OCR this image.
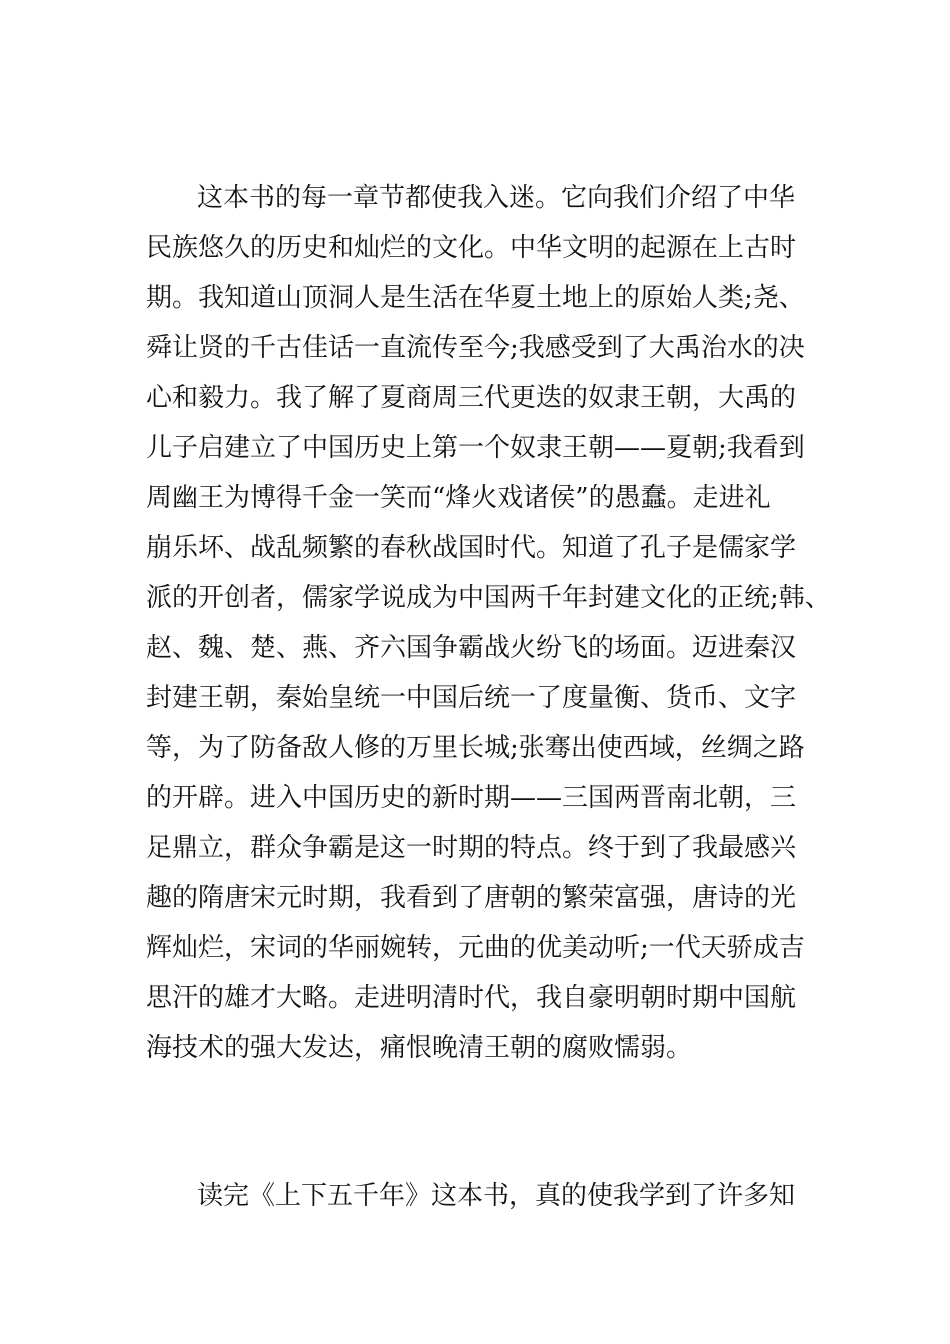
这本书的每一章节都使我入迷。它向我们介绍了中华
民族悠久的历史和灿烂的文化。中华文明的起源在上古时
期。我知道山顶洞人是生活在华夏土地上的原始人类;尧、
舜让贤的千古佳话一直流传至今;我感受到了大禹治水的决
心和毅力。我了解了夏商周三代更迭的奴隶王朝，大禹的
儿子启建立了中国历史上第一个奴隶王朝——夏朝;我看到
周幽王为博得千金一笑而“烽火戏诸侯”的愚蠢。走进礼
崩乐坏、战乱频繁的春秋战国时代。知道了孔子是儒家学
派的开创者，儒家学说成为中国两千年封建文化的正统;韩、
赵、魏、楚、燕、齐六国争霸战火纷飞的场面。迈进秦汉
封建王朝，秦始皇统一中国后统一了度量衡、货币、文字
等，为了防备敌人修的万里长城;张骞出使西域，丝绸之路
的开辟。进入中国历史的新时期——三国两晋南北朝，三
足鼎立，群众争霸是这一时期的特点。终于到了我最感兴
趣的隋唐宋元时期，我看到了唐朝的繁荣富强，唐诗的光
辉灿烂，宋词的华丽婉转，元曲的优美动听;一代天骄成吉
思汗的雄才大略。走进明清时代，我自豪明朝时期中国航
海技术的强大发达，痛恨晚清王朝的腐败懦弱。
读完《上下五千年》这本书，真的使我学到了许多知
